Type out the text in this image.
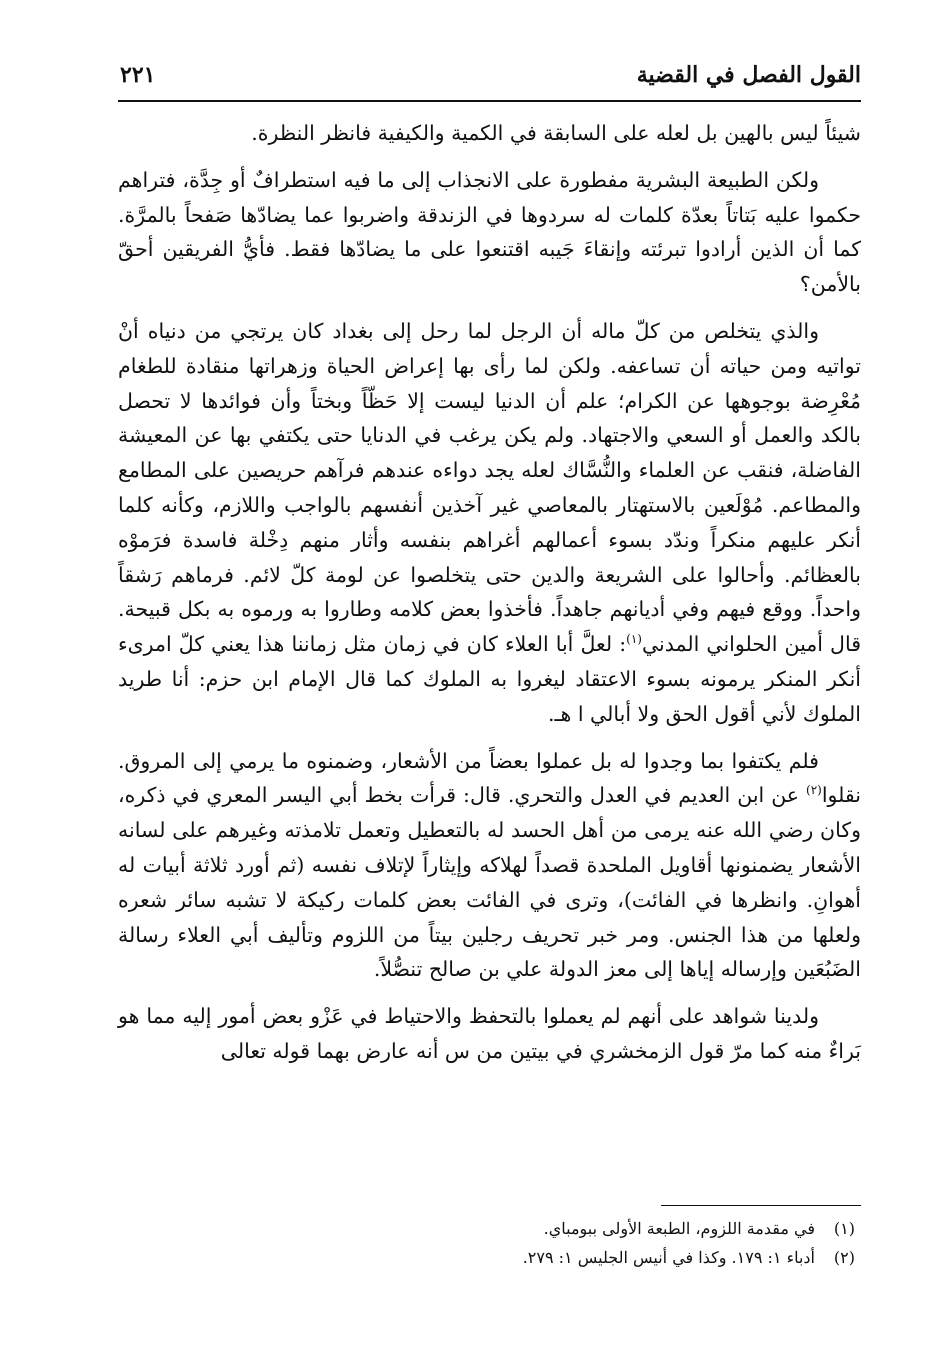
القول الفصل في القضية
٢٢١

شيئاً ليس بالهين بل لعله على السابقة في الكمية والكيفية فانظر النظرة.

ولكن الطبيعة البشرية مفطورة على الانجذاب إلى ما فيه استطرافٌ أو جِدَّة، فتراهم حكموا عليه بَتاتاً بعدّة كلمات له سردوها في الزندقة واضربوا عما يضادّها صَفحاً بالمرَّة. كما أن الذين أرادوا تبرئته وإنقاءَ جَيبه اقتنعوا على ما يضادّها فقط. فأيُّ الفريقين أحقّ بالأمن؟

والذي يتخلص من كلّ ماله أن الرجل لما رحل إلى بغداد كان يرتجي من دنياه أنْ تواتيه ومن حياته أن تساعفه. ولكن لما رأى بها إعراض الحياة وزهراتها منقادة للطغام مُعْرِضة بوجوهها عن الكرام؛ علم أن الدنيا ليست إلا حَظّاً وبختاً وأن فوائدها لا تحصل بالكد والعمل أو السعي والاجتهاد. ولم يكن يرغب في الدنايا حتى يكتفي بها عن المعيشة الفاضلة، فنقب عن العلماء والنُّسَّاك لعله يجد دواءه عندهم فرآهم حريصين على المطامع والمطاعم. مُوْلَعين بالاستهتار بالمعاصي غير آخذين أنفسهم بالواجب واللازم، وكأنه كلما أنكر عليهم منكراً وندّد بسوء أعمالهم أغراهم بنفسه وأثار منهم دِخْلة فاسدة فرَموْه بالعظائم. وأحالوا على الشريعة والدين حتى يتخلصوا عن لومة كلّ لائم. فرماهم رَشقاً واحداً. ووقع فيهم وفي أديانهم جاهداً. فأخذوا بعض كلامه وطاروا به ورموه به بكل قبيحة. قال أمين الحلواني المدني$^{(١)}$: لعلَّ أبا العلاء كان في زمان مثل زماننا هذا يعني كلّ امرىء أنكر المنكر يرمونه بسوء الاعتقاد ليغروا به الملوك كما قال الإمام ابن حزم: أنا طريد الملوك لأني أقول الحق ولا أبالي ا هـ.

فلم يكتفوا بما وجدوا له بل عملوا بعضاً من الأشعار، وضمنوه ما يرمي إلى المروق. نقلوا$^{(٢)}$ عن ابن العديم في العدل والتحري. قال: قرأت بخط أبي اليسر المعري في ذكره، وكان رضي الله عنه يرمى من أهل الحسد له بالتعطيل وتعمل تلامذته وغيرهم على لسانه الأشعار يضمنونها أقاويل الملحدة قصداً لهلاكه وإيثاراً لإتلاف نفسه (ثم أورد ثلاثة أبيات له أهوانِ. وانظرها في الفائت)، وترى في الفائت بعض كلمات ركيكة لا تشبه سائر شعره ولعلها من هذا الجنس. ومر خبر تحريف رجلين بيتاً من اللزوم وتأليف أبي العلاء رسالة الضَبُعَين وإرساله إياها إلى معز الدولة علي بن صالح تنصُّلاً.

ولدينا شواهد على أنهم لم يعملوا بالتحفظ والاحتياط في عَزْو بعض أمور إليه مما هو بَراءٌ منه كما مرّ قول الزمخشري في بيتين من س أنه عارض بهما قوله تعالى

(١)
في مقدمة اللزوم، الطبعة الأولى ببومباي.
(٢)
أدباء ١: ١٧٩. وكذا في أنيس الجليس ١: ٢٧٩.
